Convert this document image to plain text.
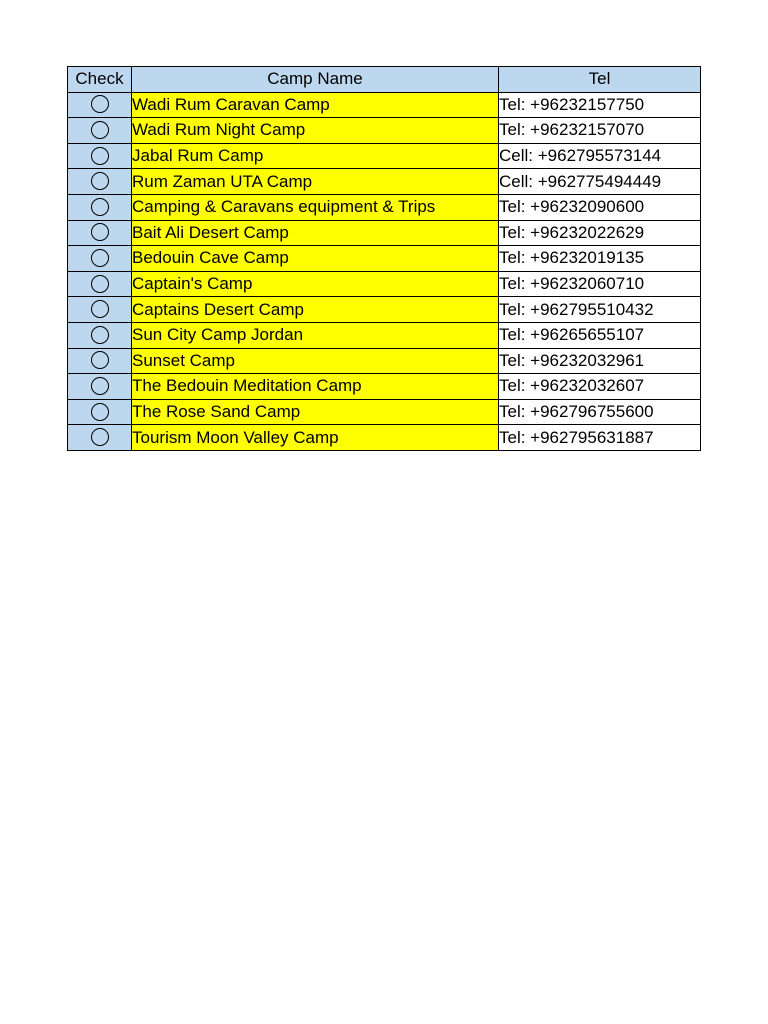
Check	Camp Name	Tel
	Wadi Rum Caravan Camp	Tel: +96232157750
	Wadi Rum Night Camp	Tel: +96232157070
	Jabal Rum Camp	Cell: +962795573144
	Rum Zaman UTA Camp	Cell: +962775494449
	Camping & Caravans equipment & Trips	Tel: +96232090600
	Bait Ali Desert Camp	Tel: +96232022629
	Bedouin Cave Camp	Tel: +96232019135
	Captain's Camp	Tel: +96232060710
	Captains Desert Camp	Tel: +962795510432
	Sun City Camp Jordan	Tel: +96265655107
	Sunset Camp	Tel: +96232032961
	The Bedouin Meditation Camp	Tel: +96232032607
	The Rose Sand Camp	Tel: +962796755600
	Tourism Moon Valley Camp	Tel: +962795631887
